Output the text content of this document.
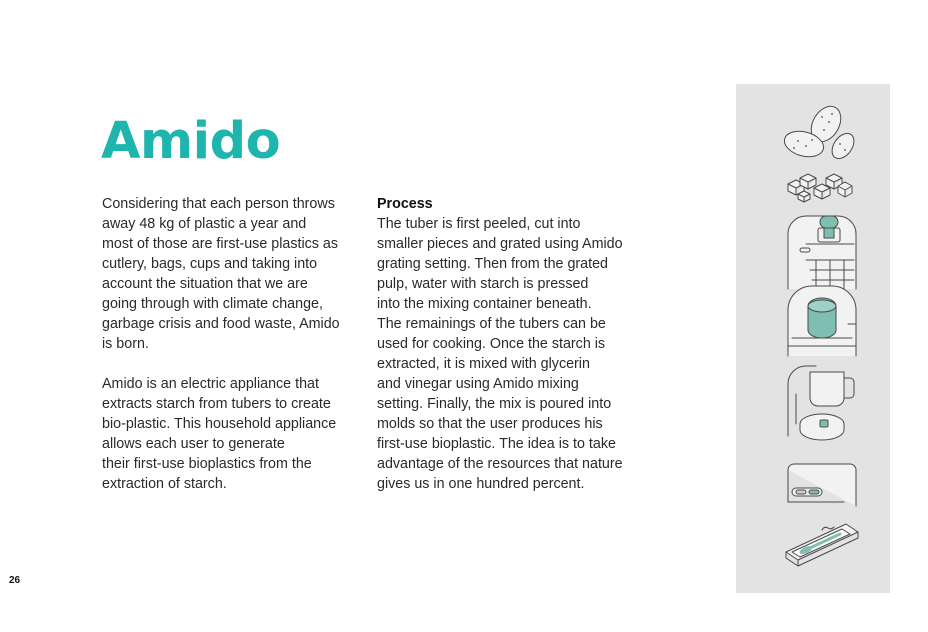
Amido

Considering that each person throws
away 48 kg of plastic a year and
most of those are first-use plastics as
cutlery, bags, cups and taking into
account the situation that we are
going through with climate change,
garbage crisis and food waste, Amido
is born.

Amido is an electric appliance that
extracts starch from tubers to create
bio-plastic. This household appliance
allows each user to generate
their first-use bioplastics from the
extraction of starch.

Process

The tuber is first peeled, cut into
smaller pieces and grated using Amido
grating setting. Then from the grated
pulp, water with starch is pressed
into the mixing container beneath.
The remainings of the tubers can be
used for cooking. Once the starch is
extracted, it is mixed with glycerin
and vinegar using Amido mixing
setting. Finally, the mix is poured into
molds so that the user produces his
first-use bioplastic. The idea is to take
advantage of the resources that nature
gives us in one hundred percent.

26
